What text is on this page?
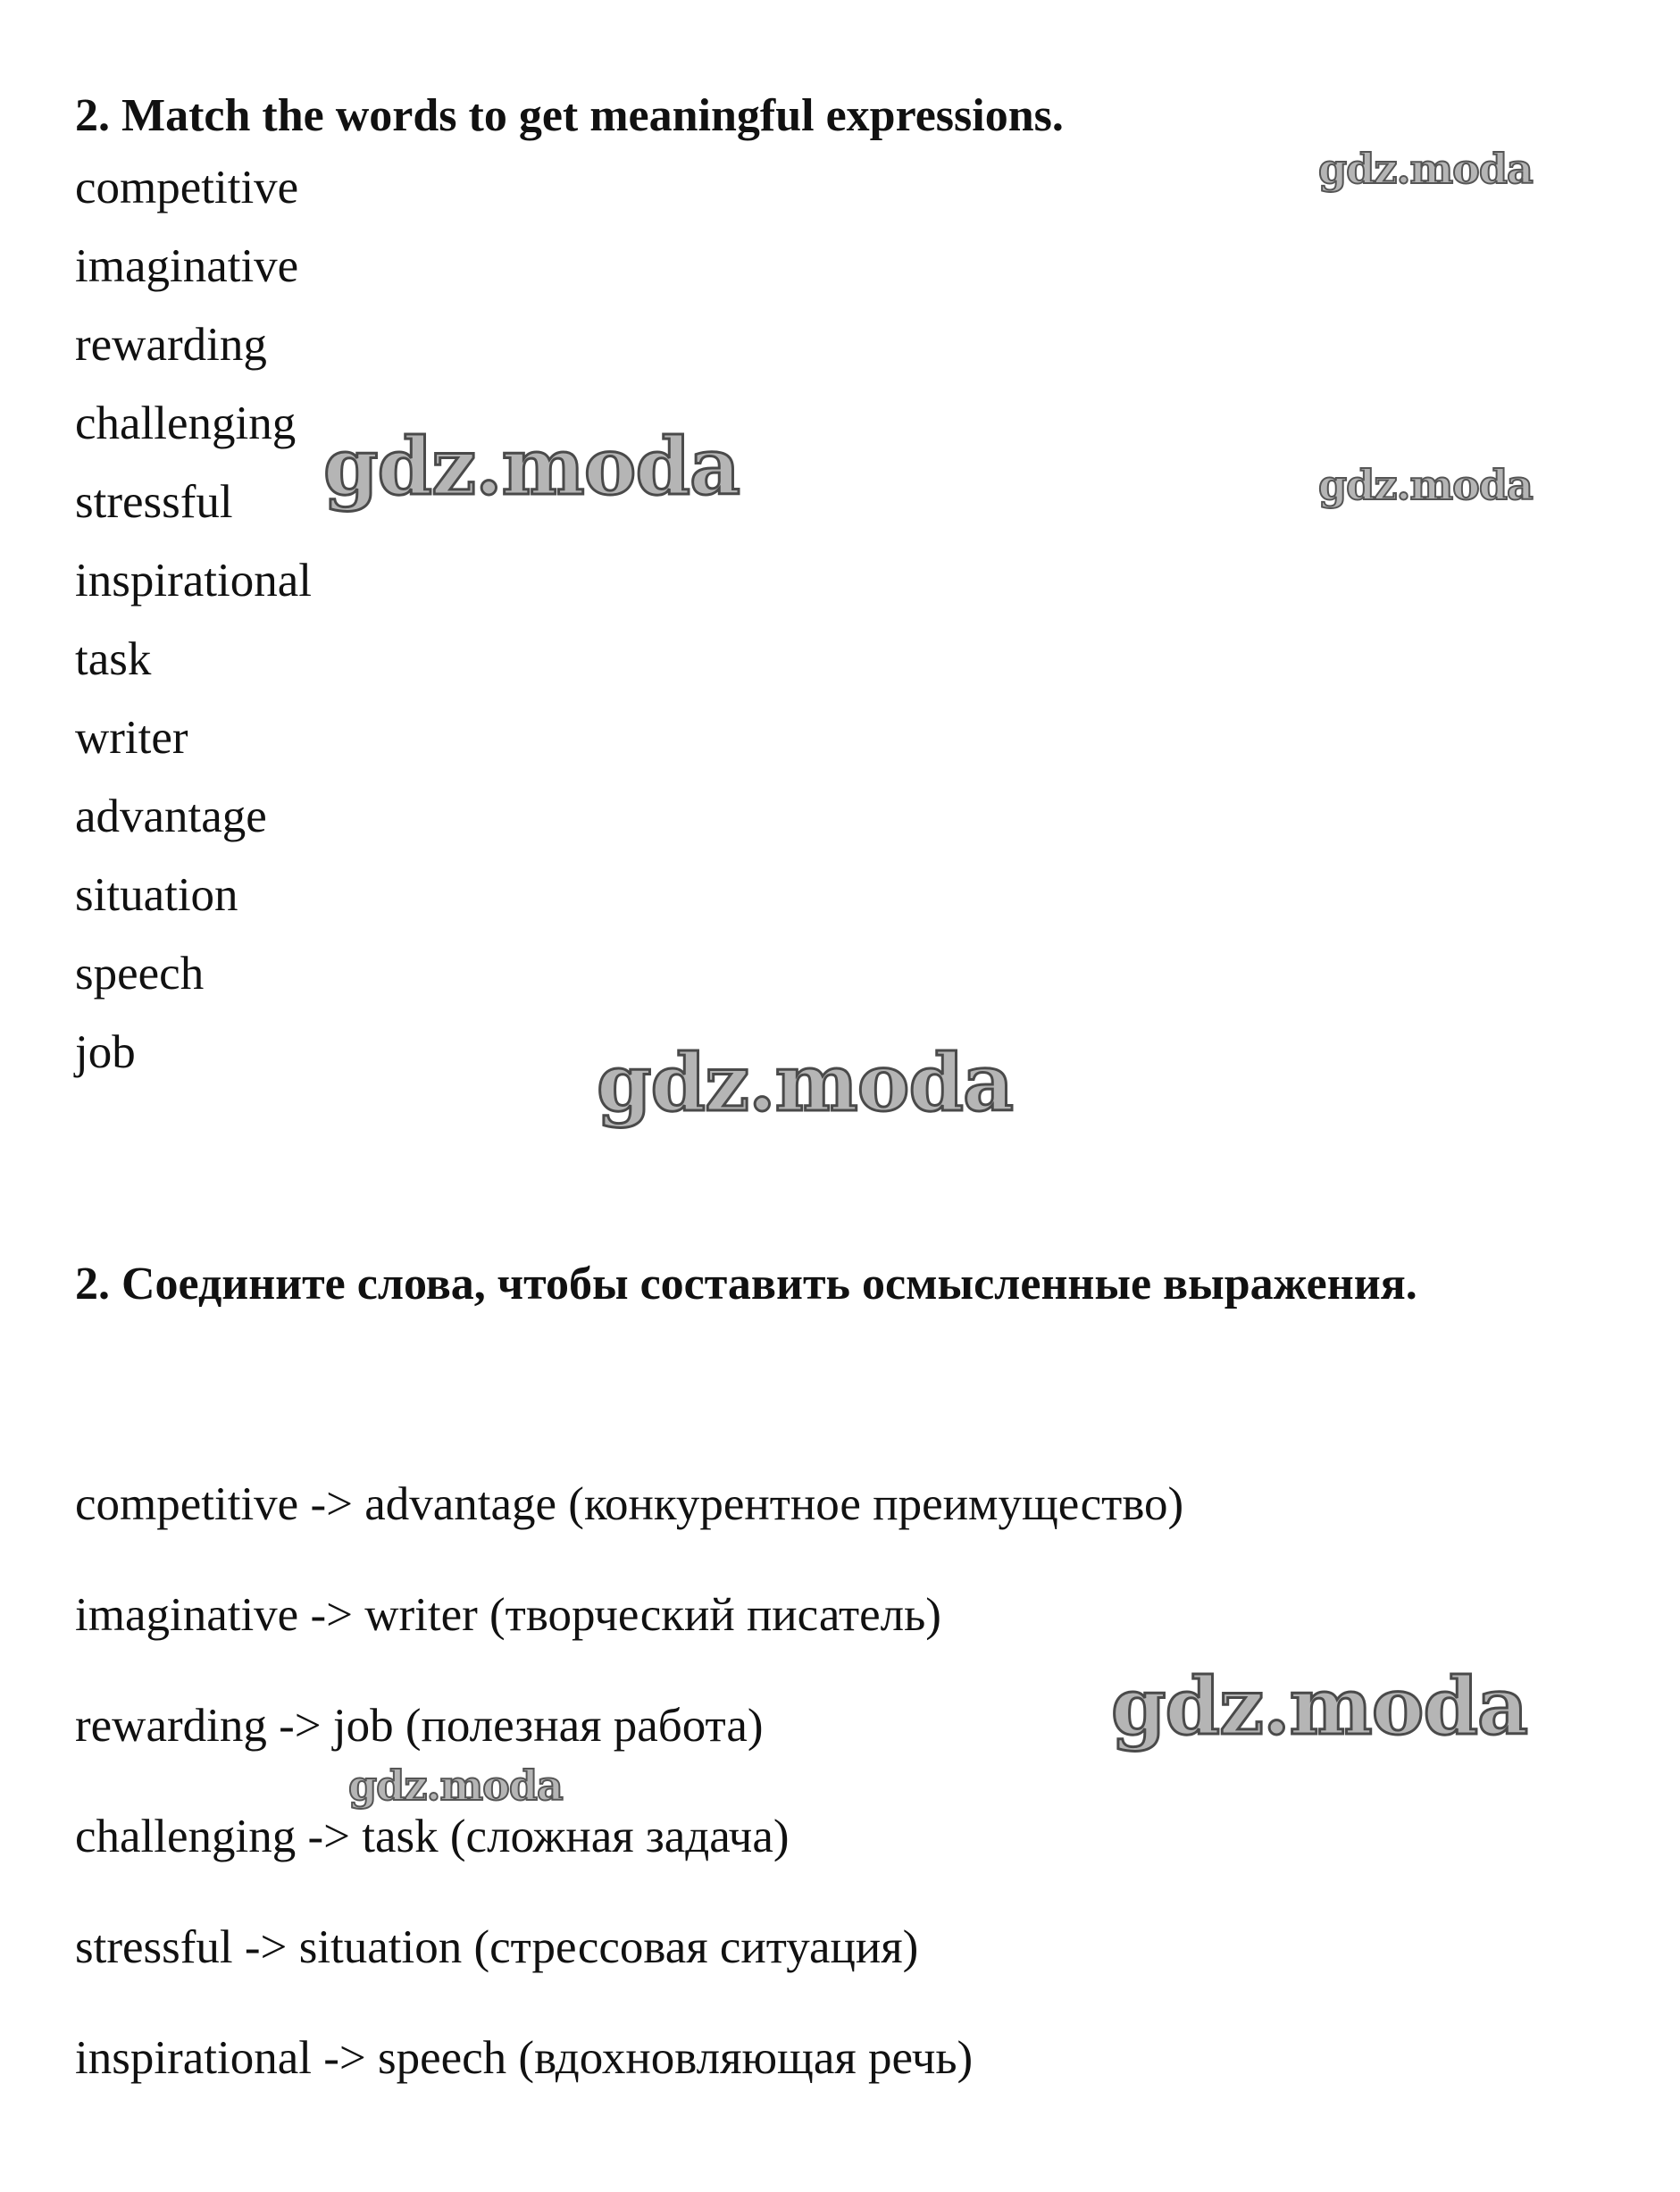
2. Match the words to get meaningful expressions.
competitive
imaginative
rewarding
challenging
stressful
inspirational
task
writer
advantage
situation
speech
job
2. Соедините слова, чтобы составить осмысленные выражения.
competitive -> advantage (конкурентное преимущество)
imaginative -> writer (творческий писатель)
rewarding -> job (полезная работа)
challenging -> task (сложная задача)
stressful -> situation (стрессовая ситуация)
inspirational -> speech (вдохновляющая речь)
gdz.moda
gdz.moda	gdz.moda
gdz.moda
gdz.moda
gdz.moda
